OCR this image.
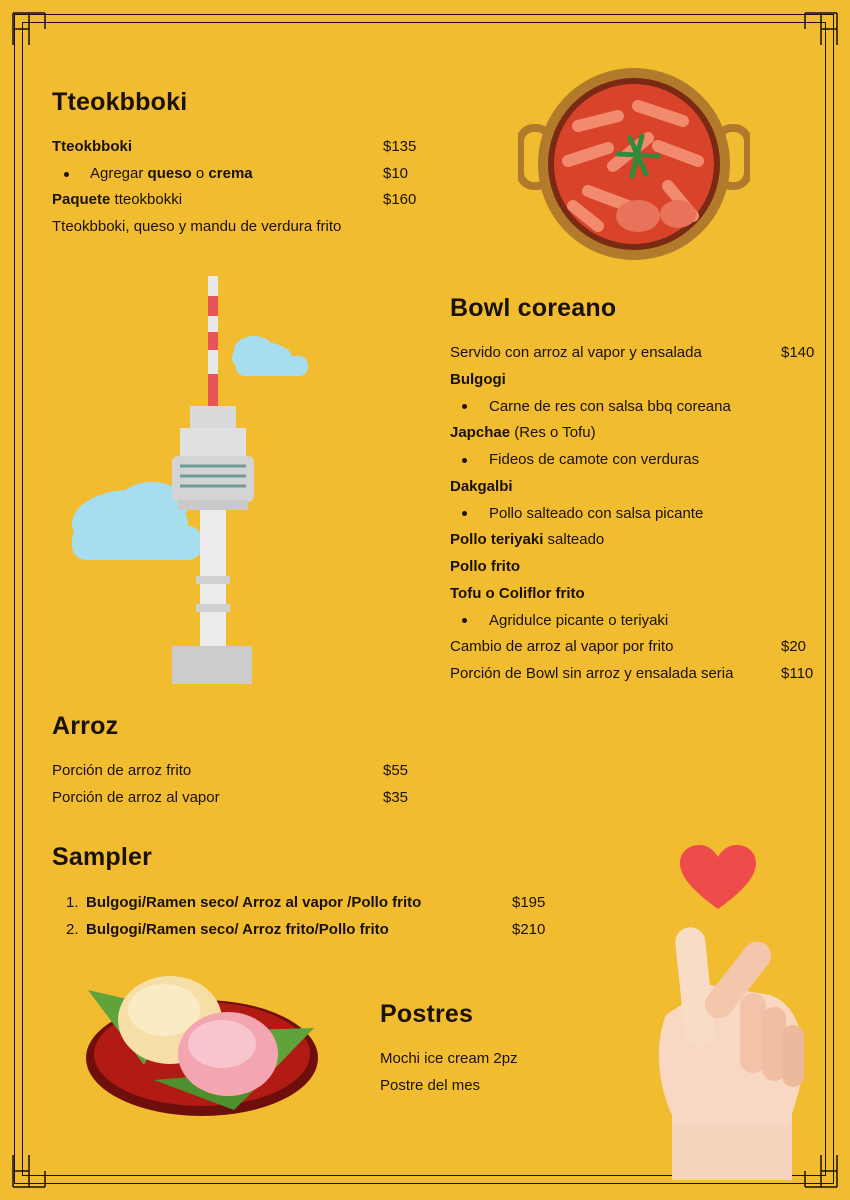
Tteokbboki
Tteokbboki	$135
Agregar queso o crema	$10
Paquete tteokbokki	$160
Tteokbboki, queso y mandu de verdura frito
Bowl coreano
Servido con arroz al vapor y ensalada	$140
Bulgogi
Carne de res con salsa bbq coreana
Japchae (Res o Tofu)
Fideos de camote con verduras
Dakgalbi
Pollo salteado con salsa picante
Pollo teriyaki salteado
Pollo frito
Tofu o Coliflor frito
Agridulce picante o teriyaki
Cambio de arroz al vapor por frito	$20
Porción de Bowl sin arroz y ensalada seria	$110
Arroz
Porción de arroz frito	$55
Porción de arroz al vapor	$35
Sampler
1. Bulgogi/Ramen seco/ Arroz al vapor /Pollo frito	$195
2. Bulgogi/Ramen seco/ Arroz frito/Pollo frito	$210
Postres
Mochi ice cream 2pz
Postre del mes
